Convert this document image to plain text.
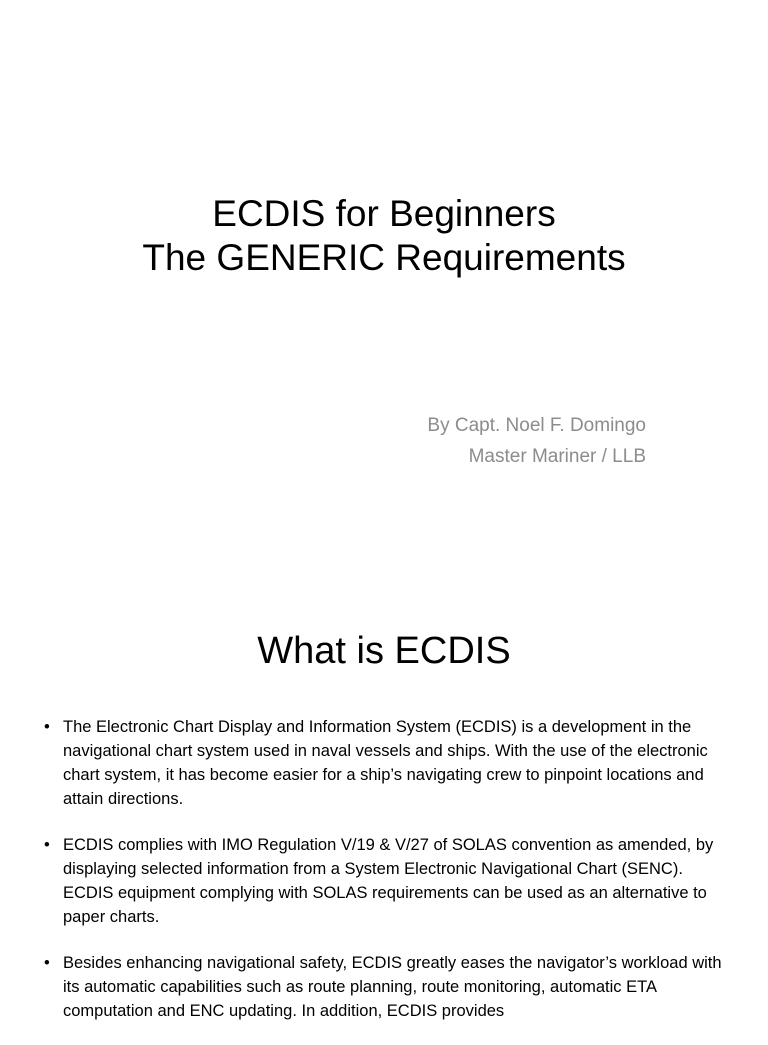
ECDIS for Beginners
The GENERIC Requirements
By Capt. Noel F. Domingo
Master Mariner / LLB
What is ECDIS
• The Electronic Chart Display and Information System (ECDIS) is a development in the navigational chart system used in naval vessels and ships. With the use of the electronic chart system, it has become easier for a ship’s navigating crew to pinpoint locations and attain directions.
• ECDIS complies with IMO Regulation V/19 & V/27 of SOLAS convention as amended, by displaying selected information from a System Electronic Navigational Chart (SENC). ECDIS equipment complying with SOLAS requirements can be used as an alternative to paper charts.
• Besides enhancing navigational safety, ECDIS greatly eases the navigator’s workload with its automatic capabilities such as route planning, route monitoring, automatic ETA computation and ENC updating. In addition, ECDIS provides
